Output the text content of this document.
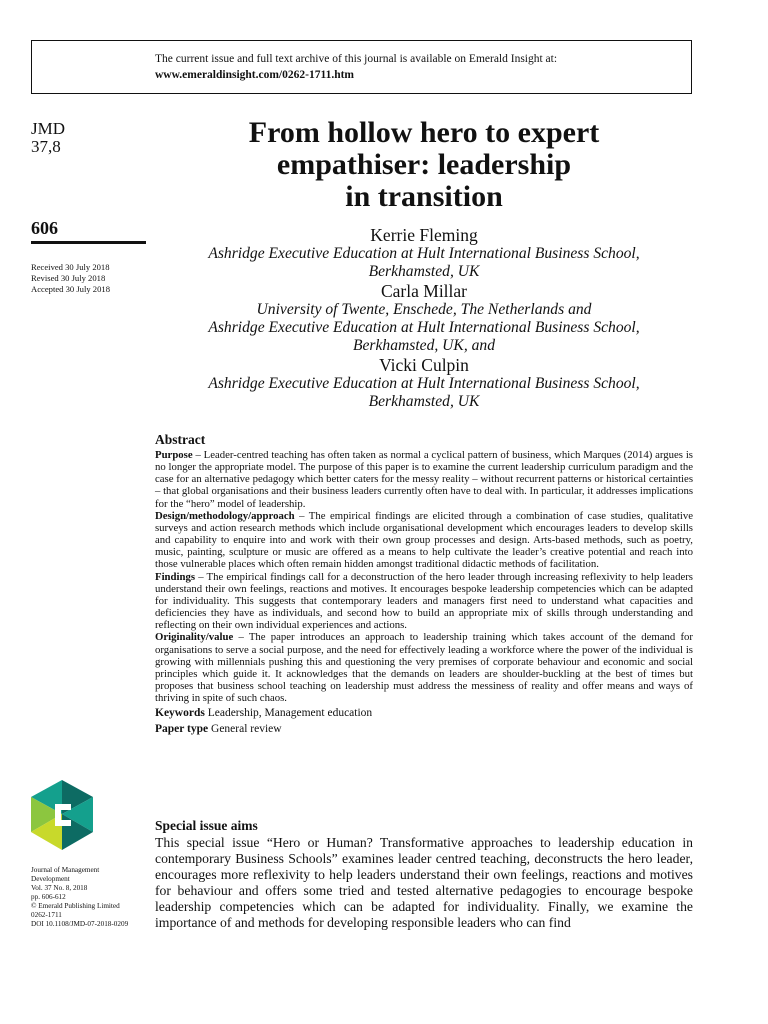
The current issue and full text archive of this journal is available on Emerald Insight at:
www.emeraldinsight.com/0262-1711.htm
JMD
37,8
606
Received 30 July 2018
Revised 30 July 2018
Accepted 30 July 2018
From hollow hero to expert
empathiser: leadership
in transition
Kerrie Fleming
Ashridge Executive Education at Hult International Business School,
Berkhamsted, UK
Carla Millar
University of Twente, Enschede, The Netherlands and
Ashridge Executive Education at Hult International Business School,
Berkhamsted, UK, and
Vicki Culpin
Ashridge Executive Education at Hult International Business School,
Berkhamsted, UK
Abstract

Purpose – Leader-centred teaching has often taken as normal a cyclical pattern of business, which Marques (2014) argues is no longer the appropriate model. The purpose of this paper is to examine the current leadership curriculum paradigm and the case for an alternative pedagogy which better caters for the messy reality – without recurrent patterns or historical certainties – that global organisations and their business leaders currently often have to deal with. In particular, it addresses implications for the “hero” model of leadership.

Design/methodology/approach – The empirical findings are elicited through a combination of case studies, qualitative surveys and action research methods which include organisational development which encourages leaders to develop skills and capability to enquire into and work with their own group processes and design. Arts-based methods, such as poetry, music, painting, sculpture or music are offered as a means to help cultivate the leader’s creative potential and reach into those vulnerable places which often remain hidden amongst traditional didactic methods of facilitation.

Findings – The empirical findings call for a deconstruction of the hero leader through increasing reflexivity to help leaders understand their own feelings, reactions and motives. It encourages bespoke leadership competencies which can be adapted for individuality. This suggests that contemporary leaders and managers first need to understand what capacities and deficiencies they have as individuals, and second how to build an appropriate mix of skills through understanding and reflecting on their own individual experiences and actions.

Originality/value – The paper introduces an approach to leadership training which takes account of the demand for organisations to serve a social purpose, and the need for effectively leading a workforce where the power of the individual is growing with millennials pushing this and questioning the very premises of corporate behaviour and economic and social principles which guide it. It acknowledges that the demands on leaders are shoulder-buckling at the best of times but proposes that business school teaching on leadership must address the messiness of reality and offer means and ways of thriving in spite of such chaos.

Keywords Leadership, Management education
Paper type General review
Journal of Management
Development
Vol. 37 No. 8, 2018
pp. 606-612
© Emerald Publishing Limited
0262-1711
DOI 10.1108/JMD-07-2018-0209
Special issue aims

This special issue “Hero or Human? Transformative approaches to leadership education in contemporary Business Schools” examines leader centred teaching, deconstructs the hero leader, encourages more reflexivity to help leaders understand their own feelings, reactions and motives for behaviour and offers some tried and tested alternative pedagogies to encourage bespoke leadership competencies which can be adapted for individuality. Finally, we examine the importance of and methods for developing responsible leaders who can find
